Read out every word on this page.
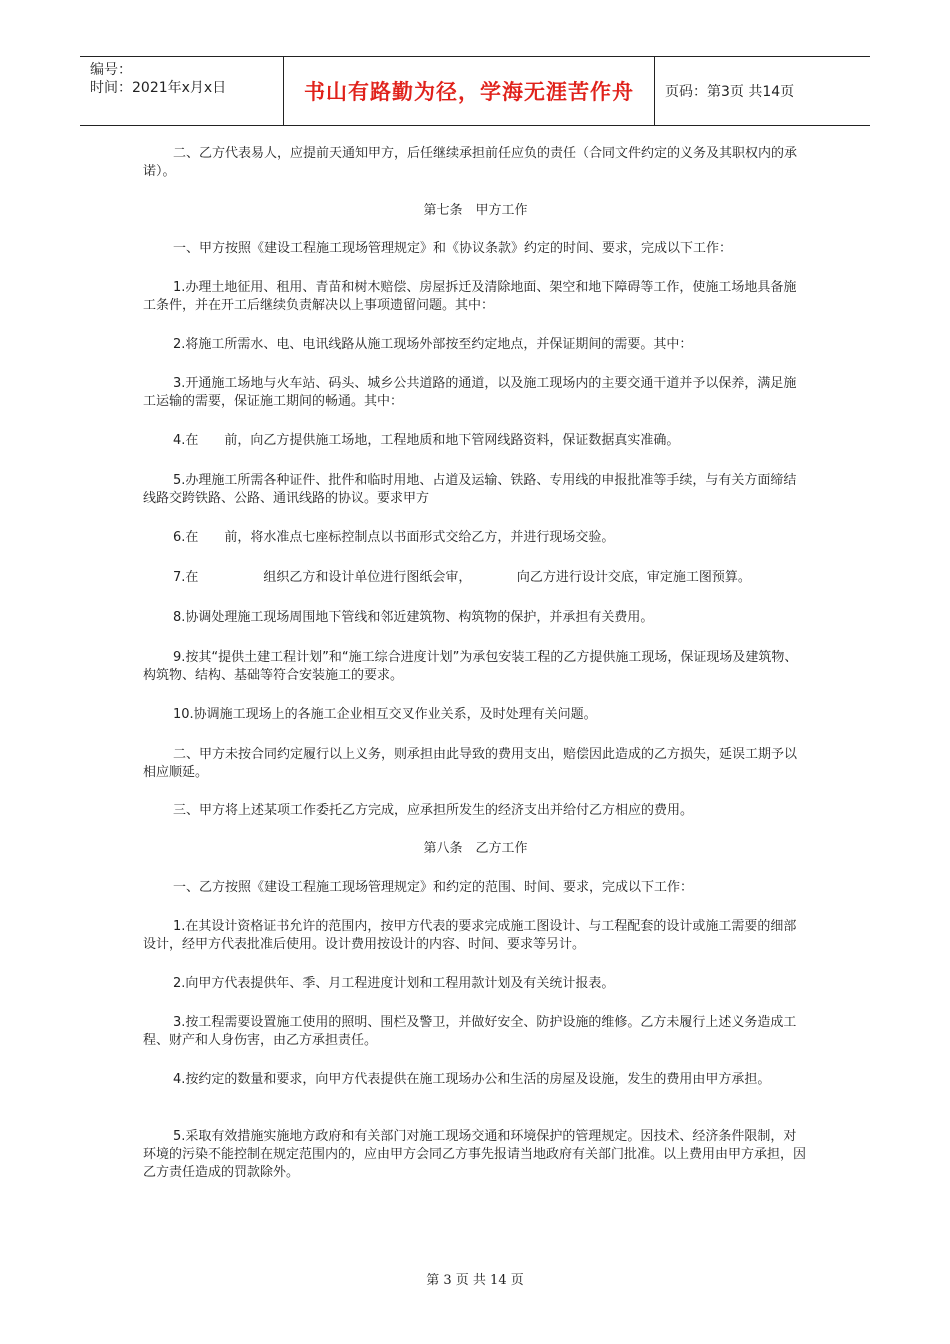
编号：
时间：2021年x月x日	书山有路勤为径，学海无涯苦作舟	页码：第3页 共14页

二、乙方代表易人，应提前天通知甲方，后任继续承担前任应负的责任（合同文件约定的义务及其职权内的承诺）。

第七条　甲方工作

一、甲方按照《建设工程施工现场管理规定》和《协议条款》约定的时间、要求，完成以下工作：

1.办理土地征用、租用、青苗和树木赔偿、房屋拆迁及清除地面、架空和地下障碍等工作，使施工场地具备施工条件，并在开工后继续负责解决以上事项遗留问题。其中：

2.将施工所需水、电、电讯线路从施工现场外部按至约定地点，并保证期间的需要。其中：

3.开通施工场地与火车站、码头、城乡公共道路的通道，以及施工现场内的主要交通干道并予以保养，满足施工运输的需要，保证施工期间的畅通。其中：

4.在　　前，向乙方提供施工场地，工程地质和地下管网线路资料，保证数据真实准确。

5.办理施工所需各种证件、批件和临时用地、占道及运输、铁路、专用线的申报批准等手续，与有关方面缔结线路交跨铁路、公路、通讯线路的协议。要求甲方

6.在　　前，将水准点七座标控制点以书面形式交给乙方，并进行现场交验。

7.在　　　　　组织乙方和设计单位进行图纸会审，　　　　向乙方进行设计交底，审定施工图预算。

8.协调处理施工现场周围地下管线和邻近建筑物、构筑物的保护，并承担有关费用。

9.按其“提供土建工程计划”和“施工综合进度计划”为承包安装工程的乙方提供施工现场，保证现场及建筑物、构筑物、结构、基础等符合安装施工的要求。

10.协调施工现场上的各施工企业相互交叉作业关系，及时处理有关问题。

二、甲方未按合同约定履行以上义务，则承担由此导致的费用支出，赔偿因此造成的乙方损失，延误工期予以相应顺延。

三、甲方将上述某项工作委托乙方完成，应承担所发生的经济支出并给付乙方相应的费用。

第八条　乙方工作

一、乙方按照《建设工程施工现场管理规定》和约定的范围、时间、要求，完成以下工作：

1.在其设计资格证书允许的范围内，按甲方代表的要求完成施工图设计、与工程配套的设计或施工需要的细部设计，经甲方代表批准后使用。设计费用按设计的内容、时间、要求等另计。

2.向甲方代表提供年、季、月工程进度计划和工程用款计划及有关统计报表。

3.按工程需要设置施工使用的照明、围栏及警卫，并做好安全、防护设施的维修。乙方未履行上述义务造成工程、财产和人身伤害，由乙方承担责任。

4.按约定的数量和要求，向甲方代表提供在施工现场办公和生活的房屋及设施，发生的费用由甲方承担。

5.采取有效措施实施地方政府和有关部门对施工现场交通和环境保护的管理规定。因技术、经济条件限制，对环境的污染不能控制在规定范围内的，应由甲方会同乙方事先报请当地政府有关部门批准。以上费用由甲方承担，因乙方责任造成的罚款除外。

第 3 页 共 14 页
